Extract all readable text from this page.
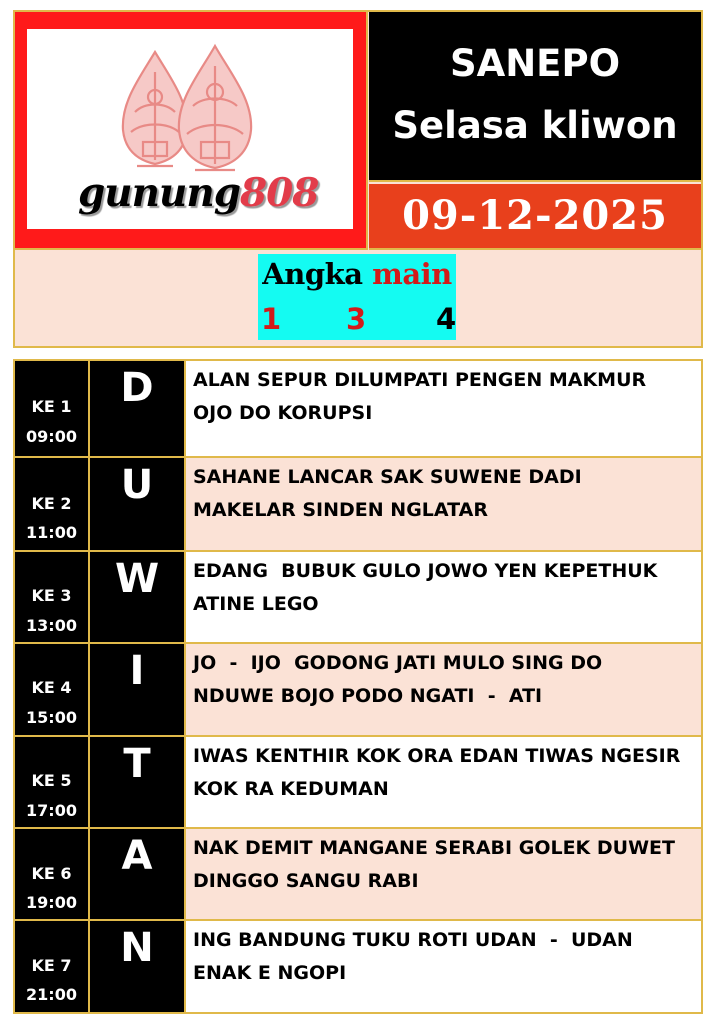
gunung808
SANEPO
Selasa kliwon
09-12-2025
Angka main
1 3 4
KE 1
09:00
D	ALAN SEPUR DILUMPATI PENGEN MAKMUR
OJO DO KORUPSI
KE 2
11:00
U	SAHANE LANCAR SAK SUWENE DADI
MAKELAR SINDEN NGLATAR
KE 3
13:00
W	EDANG  BUBUK GULO JOWO YEN KEPETHUK
ATINE LEGO
KE 4
15:00
I	JO  -  IJO  GODONG JATI MULO SING DO
NDUWE BOJO PODO NGATI  -  ATI
KE 5
17:00
T	IWAS KENTHIR KOK ORA EDAN TIWAS NGESIR
KOK RA KEDUMAN
KE 6
19:00
A	NAK DEMIT MANGANE SERABI GOLEK DUWET
DINGGO SANGU RABI
KE 7
21:00
N	ING BANDUNG TUKU ROTI UDAN  -  UDAN
ENAK E NGOPI
